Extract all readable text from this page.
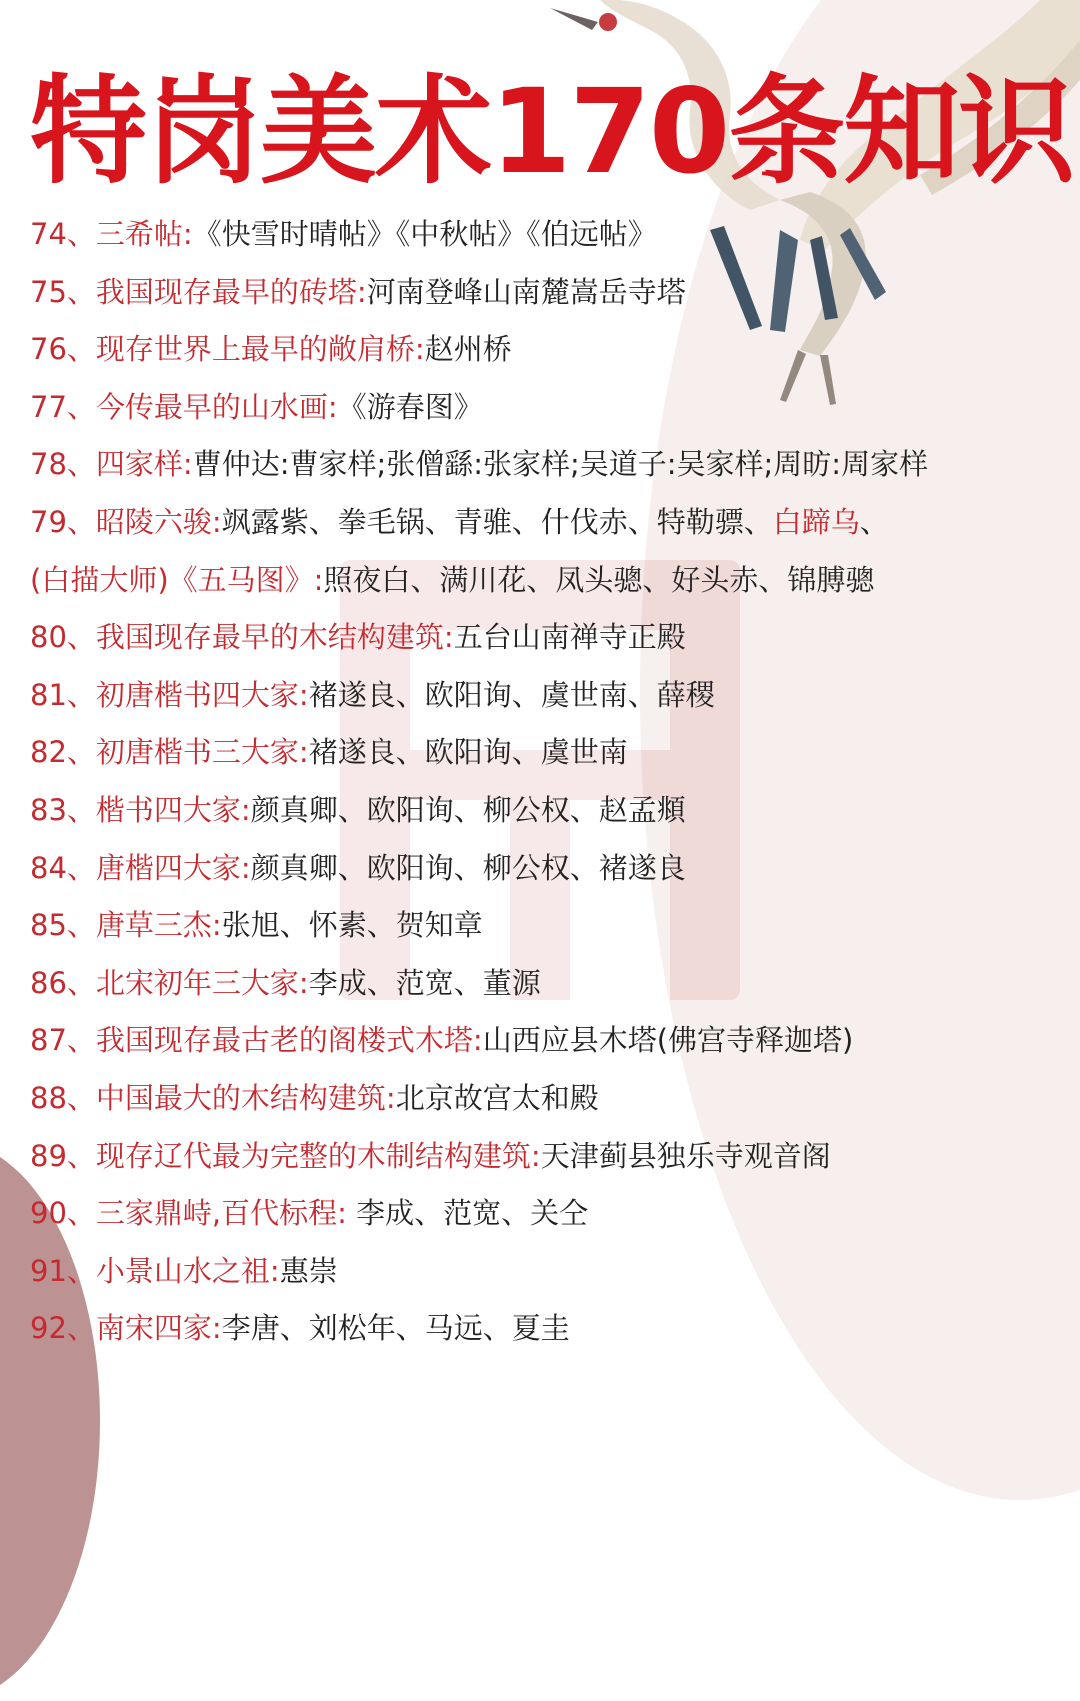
特岗美术170条知识
74、三希帖:《快雪时晴帖》《中秋帖》《伯远帖》
75、我国现存最早的砖塔:河南登峰山南麓嵩岳寺塔
76、现存世界上最早的敞肩桥:赵州桥
77、今传最早的山水画:《游春图》
78、四家样:曹仲达:曹家样;张僧繇:张家样;吴道子:吴家样;周昉:周家样
79、昭陵六骏:飒露紫、拳毛锅、青骓、什伐赤、特勒骠、白蹄乌、
(白描大师)《五马图》:照夜白、满川花、凤头骢、好头赤、锦膊骢
80、我国现存最早的木结构建筑:五台山南禅寺正殿
81、初唐楷书四大家:褚遂良、欧阳询、虞世南、薛稷
82、初唐楷书三大家:褚遂良、欧阳询、虞世南
83、楷书四大家:颜真卿、欧阳询、柳公权、赵孟頫
84、唐楷四大家:颜真卿、欧阳询、柳公权、褚遂良
85、唐草三杰:张旭、怀素、贺知章
86、北宋初年三大家:李成、范宽、董源
87、我国现存最古老的阁楼式木塔:山西应县木塔(佛宫寺释迦塔)
88、中国最大的木结构建筑:北京故宫太和殿
89、现存辽代最为完整的木制结构建筑:天津蓟县独乐寺观音阁
90、三家鼎峙,百代标程: 李成、范宽、关仝
91、小景山水之祖:惠崇
92、南宋四家:李唐、刘松年、马远、夏圭
